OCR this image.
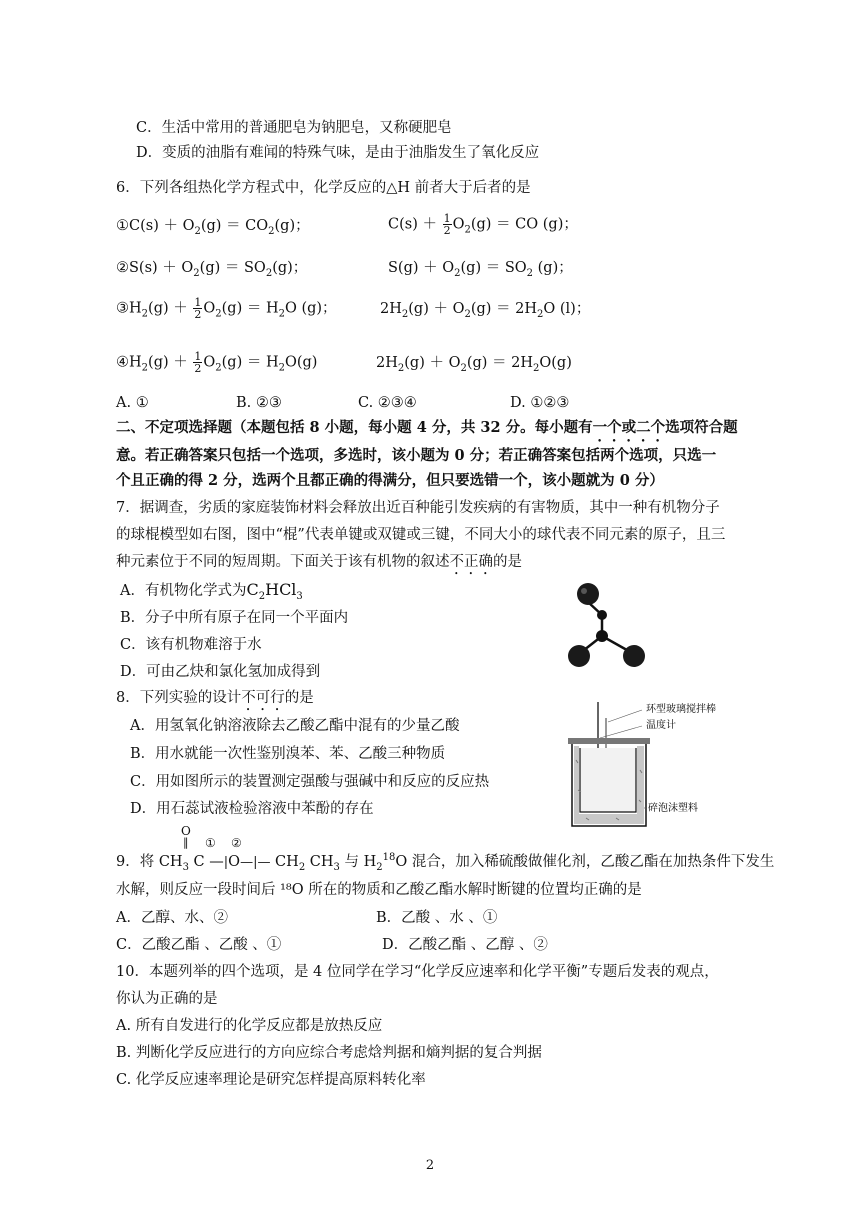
C．生活中常用的普通肥皂为钠肥皂，又称硬肥皂
D．变质的油脂有难闻的特殊气味，是由于油脂发生了氧化反应
6．下列各组热化学方程式中，化学反应的△H 前者大于后者的是
①C(s) ＋ $O_2(g) = CO_2(g)$；	$C(s) + \frac{1}{2} O_2(g)$ ＝ CO (g)；
②S(s) ＋ $O_2(g) = SO_2(g)$；	$S(g) + O_2(g) = SO_2$ (g)；
$③H_2(g) + \frac{1}{2} O_2(g) = H_2O$ (g)；	$2H_2(g) + O_2(g) = 2H_2O$ (l)；
$④H_2(g) + \frac{1}{2} O_2(g) = H_2O(g)$	$2H_2(g) + O_2(g) = 2H_2O(g)$
A. ①	B. ②③	C. ②③④	D. ①②③
二、不定项选择题（本题包括 8 小题，每小题 4 分，共 32 分。每小题有一个或二个选项符合题
意。若正确答案只包括一个选项，多选时，该小题为 0 分；若正确答案包括两个选项，只选一
个且正确的得 2 分，选两个且都正确的得满分，但只要选错一个，该小题就为 0 分）
7．据调查，劣质的家庭装饰材料会释放出近百种能引发疾病的有害物质，其中一种有机物分子
的球棍模型如右图，图中“棍”代表单键或双键或三键，不同大小的球代表不同元素的原子，且三
种元素位于不同的短周期。下面关于该有机物的叙述不正确的是
A．有机物化学式为$C_2HCl_3$
B．分子中所有原子在同一个平面内
C．该有机物难溶于水
D．可由乙炔和氯化氢加成得到
8．下列实验的设计不可行的是
A．用氢氧化钠溶液除去乙酸乙酯中混有的少量乙酸
B．用水就能一次性鉴别溴苯、苯、乙酸三种物质
C．用如图所示的装置测定强酸与强碱中和反应的反应热
D．用石蕊试液检验溶液中苯酚的存在
环型玻璃搅拌棒
温度计
碎泡沫塑料
O
‖ ① ②
9．将 $CH_3$ C —|O—|— $CH_2$ $CH_3$ 与 $H_2^{18}O$ 混合，加入稀硫酸做催化剂，乙酸乙酯在加热条件下发生
水解，则反应一段时间后 ¹⁸O 所在的物质和乙酸乙酯水解时断键的位置均正确的是
A．乙醇、水、②	B．乙酸 、水 、①
C．乙酸乙酯 、乙酸 、①	D．乙酸乙酯 、乙醇 、②
10．本题列举的四个选项，是 4 位同学在学习“化学反应速率和化学平衡”专题后发表的观点，
你认为正确的是
A. 所有自发进行的化学反应都是放热反应
B. 判断化学反应进行的方向应综合考虑焓判据和熵判据的复合判据
C. 化学反应速率理论是研究怎样提高原料转化率
2
